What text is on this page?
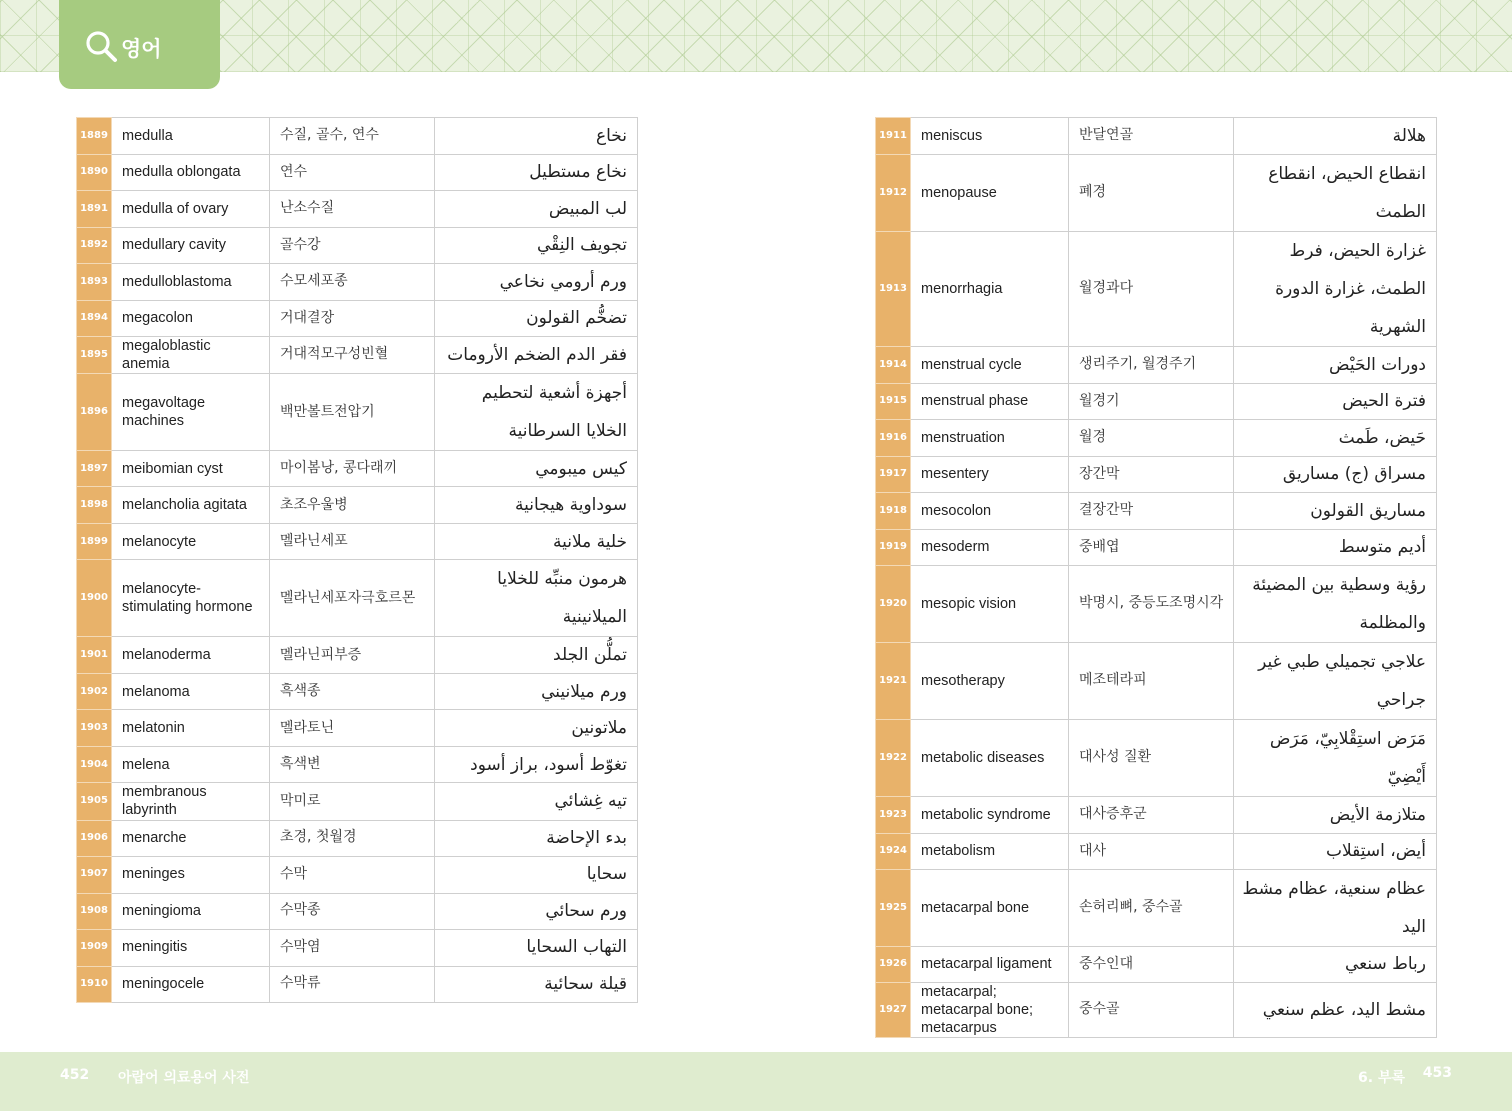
영어
1889	medulla	수질, 골수, 연수	نخاع
1890	medulla oblongata	연수	نخاع مستطيل
1891	medulla of ovary	난소수질	لب المبيض
1892	medullary cavity	골수강	تجويف النِقْي
1893	medulloblastoma	수모세포종	ورم أرومي نخاعي
1894	megacolon	거대결장	تضخُّم القولون
1895	megaloblastic anemia	거대적모구성빈혈	فقر الدم الضخم الأرومات
1896	megavoltage machines	백만볼트전압기	أجهزة أشعية لتحطيم الخلايا السرطانية
1897	meibomian cyst	마이봄낭, 콩다래끼	كيس ميبومي
1898	melancholia agitata	초조우울병	سوداوية هيجانية
1899	melanocyte	멜라닌세포	خلية ملانية
1900	melanocyte-stimulating hormone	멜라닌세포자극호르몬	هرمون منبِّه للخلايا الميلانينية
1901	melanoderma	멜라닌피부증	تملُّن الجلد
1902	melanoma	흑색종	ورم ميلانيني
1903	melatonin	멜라토닌	ملاتونين
1904	melena	흑색변	تغوّط أسود، براز أسود
1905	membranous labyrinth	막미로	تيه غِشائي
1906	menarche	초경, 첫월경	بدء الإحاضة
1907	meninges	수막	سحايا
1908	meningioma	수막종	ورم سحائي
1909	meningitis	수막염	التهاب السحايا
1910	meningocele	수막류	قيلة سحائية
1911	meniscus	반달연골	هلالة
1912	menopause	폐경	انقطاع الحيض، انقطاع الطمث
1913	menorrhagia	월경과다	غزارة الحيض، فرط الطمث، غزارة الدورة الشهرية
1914	menstrual cycle	생리주기, 월경주기	دورات الحَيْض
1915	menstrual phase	월경기	فترة الحيض
1916	menstruation	월경	حَيض، طَمث
1917	mesentery	장간막	مسراق (ج) مساريق
1918	mesocolon	결장간막	مساريق القولون
1919	mesoderm	중배엽	أديم متوسط
1920	mesopic vision	박명시, 중등도조명시각	رؤية وسطية بين المضيئة والمظلمة
1921	mesotherapy	메조테라피	علاجي تجميلي طبي غير جراحي
1922	metabolic diseases	대사성 질환	مَرَض استِقْلابِيّ، مَرَض أَيْضِيّ
1923	metabolic syndrome	대사증후군	متلازمة الأيض
1924	metabolism	대사	أيض، استِقلاب
1925	metacarpal bone	손허리뼈, 중수골	عظام سنعية، عظام مشط اليد
1926	metacarpal ligament	중수인대	رباط سنعي
1927	metacarpal; metacarpal bone; metacarpus	중수골	مشط اليد، عظم سنعي
452 아랍어 의료용어 사전	6. 부록 453
